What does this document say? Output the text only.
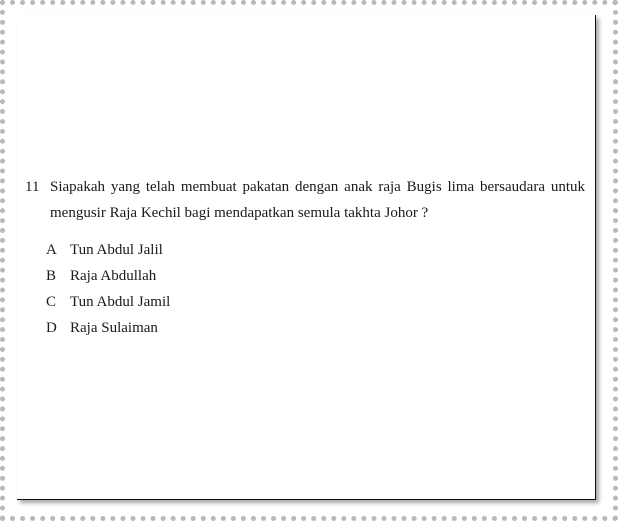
11 Siapakah yang telah membuat pakatan dengan anak raja Bugis lima bersaudara untuk
mengusir Raja Kechil bagi mendapatkan semula takhta Johor ?
A Tun Abdul Jalil
B Raja Abdullah
C Tun Abdul Jamil
D Raja Sulaiman
